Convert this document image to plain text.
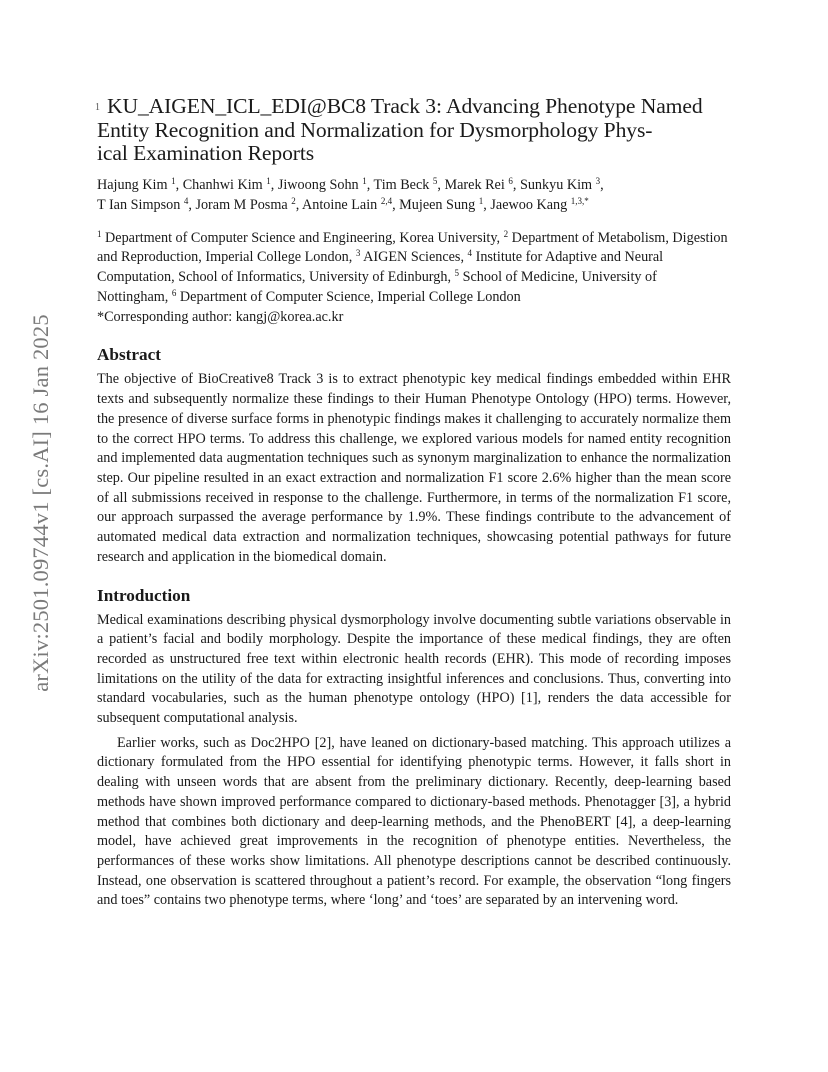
arXiv:2501.09744v1 [cs.AI] 16 Jan 2025
1 KU_AIGEN_ICL_EDI@BC8 Track 3: Advancing Phenotype Named
Entity Recognition and Normalization for Dysmorphology Phys-
ical Examination Reports
Hajung Kim $^1$, Chanhwi Kim $^1$, Jiwoong Sohn $^1$, Tim Beck $^5$, Marek Rei $^6$, Sunkyu Kim $^3$,
T Ian Simpson $^4$, Joram M Posma $^2$, Antoine Lain $^{2,4}$, Mujeen Sung $^1$, Jaewoo Kang $^{1,3,*}$
$^1$ Department of Computer Science and Engineering, Korea University, $^2$ Department of Metabolism, Digestion and Reproduction, Imperial College London, $^3$ AIGEN Sciences, $^4$ Institute for Adaptive and Neural Computation, School of Informatics, University of Edinburgh, $^5$ School of Medicine, University of Nottingham, $^6$ Department of Computer Science, Imperial College London
*Corresponding author: kangj@korea.ac.kr
Abstract

The objective of BioCreative8 Track 3 is to extract phenotypic key medical findings embedded within EHR texts and subsequently normalize these findings to their Human Phenotype Ontology (HPO) terms. However, the presence of diverse surface forms in phenotypic findings makes it challenging to accurately normalize them to the correct HPO terms. To address this challenge, we explored various models for named entity recognition and implemented data augmentation techniques such as synonym marginalization to enhance the normalization step. Our pipeline resulted in an exact extraction and normalization F1 score 2.6% higher than the mean score of all submissions received in response to the challenge. Furthermore, in terms of the normalization F1 score, our approach surpassed the average performance by 1.9%. These findings contribute to the advancement of automated medical data extraction and normalization techniques, showcasing potential pathways for future research and application in the biomedical domain.

Introduction

Medical examinations describing physical dysmorphology involve documenting subtle variations observable in a patient’s facial and bodily morphology. Despite the importance of these medical findings, they are often recorded as unstructured free text within electronic health records (EHR). This mode of recording imposes limitations on the utility of the data for extracting insightful inferences and conclusions. Thus, converting into standard vocabularies, such as the human phenotype ontology (HPO) [1], renders the data accessible for subsequent computational analysis.

Earlier works, such as Doc2HPO [2], have leaned on dictionary-based matching. This approach utilizes a dictionary formulated from the HPO essential for identifying phenotypic terms. However, it falls short in dealing with unseen words that are absent from the preliminary dictionary. Recently, deep-learning based methods have shown improved performance compared to dictionary-based methods. Phenotagger [3], a hybrid method that combines both dictionary and deep-learning methods, and the PhenoBERT [4], a deep-learning model, have achieved great improvements in the recognition of phenotype entities. Nevertheless, the performances of these works show limitations. All phenotype descriptions cannot be described continuously. Instead, one observation is scattered throughout a patient’s record. For example, the observation “long fingers and toes” contains two phenotype terms, where ‘long’ and ‘toes’ are separated by an intervening word.
